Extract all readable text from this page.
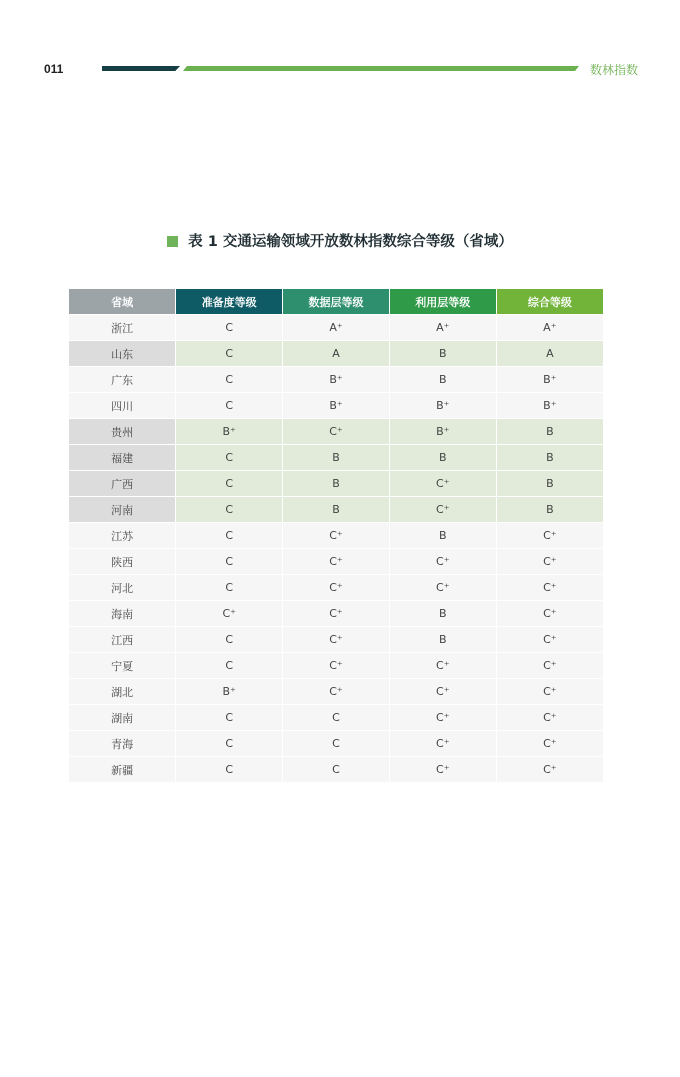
011	数林指数
表 1 交通运输领域开放数林指数综合等级（省域）
省域	准备度等级	数据层等级	利用层等级	综合等级
浙江	C	A⁺	A⁺	A⁺
山东	C	A	B	A
广东	C	B⁺	B	B⁺
四川	C	B⁺	B⁺	B⁺
贵州	B⁺	C⁺	B⁺	B
福建	C	B	B	B
广西	C	B	C⁺	B
河南	C	B	C⁺	B
江苏	C	C⁺	B	C⁺
陕西	C	C⁺	C⁺	C⁺
河北	C	C⁺	C⁺	C⁺
海南	C⁺	C⁺	B	C⁺
江西	C	C⁺	B	C⁺
宁夏	C	C⁺	C⁺	C⁺
湖北	B⁺	C⁺	C⁺	C⁺
湖南	C	C	C⁺	C⁺
青海	C	C	C⁺	C⁺
新疆	C	C	C⁺	C⁺
